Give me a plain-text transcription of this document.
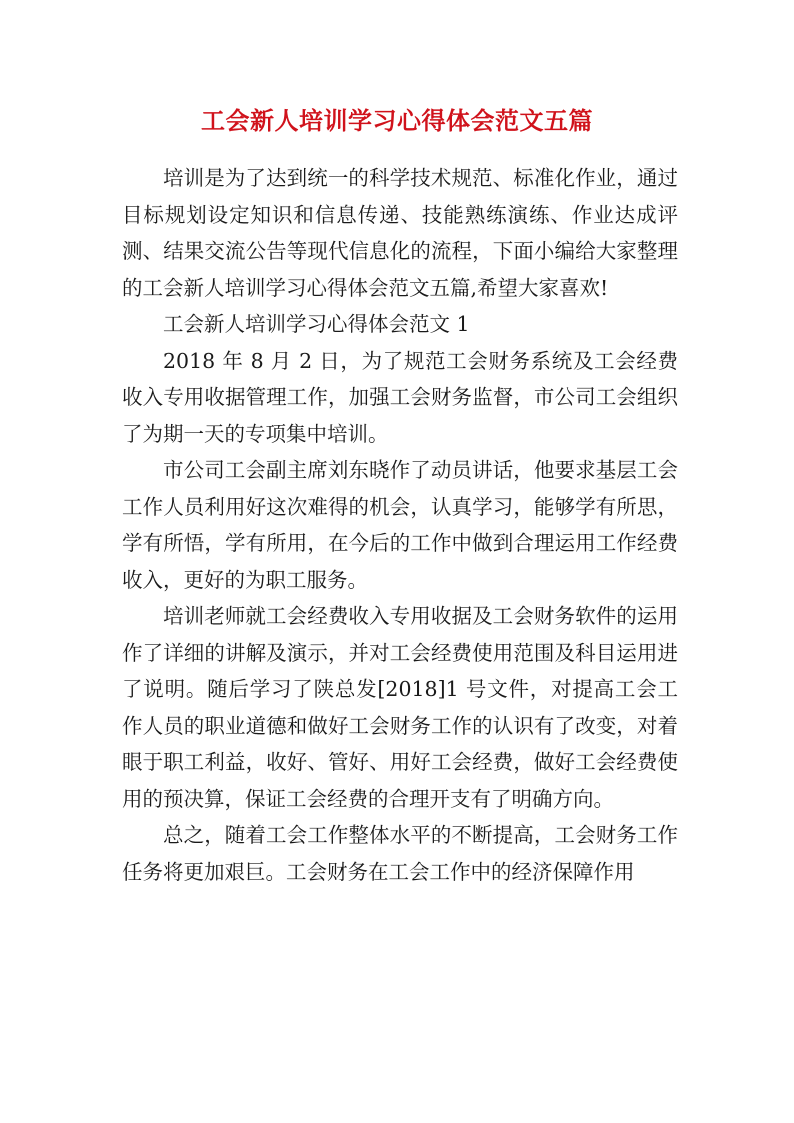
工会新人培训学习心得体会范文五篇

培训是为了达到统一的科学技术规范、标准化作业，通过目标规划设定知识和信息传递、技能熟练演练、作业达成评测、结果交流公告等现代信息化的流程，下面小编给大家整理的工会新人培训学习心得体会范文五篇,希望大家喜欢!

工会新人培训学习心得体会范文 1

2018 年 8 月 2 日，为了规范工会财务系统及工会经费收入专用收据管理工作，加强工会财务监督，市公司工会组织了为期一天的专项集中培训。

市公司工会副主席刘东晓作了动员讲话，他要求基层工会工作人员利用好这次难得的机会，认真学习，能够学有所思，学有所悟，学有所用，在今后的工作中做到合理运用工作经费收入，更好的为职工服务。

培训老师就工会经费收入专用收据及工会财务软件的运用作了详细的讲解及演示，并对工会经费使用范围及科目运用进了说明。随后学习了陕总发[2018]1 号文件，对提高工会工作人员的职业道德和做好工会财务工作的认识有了改变，对着眼于职工利益，收好、管好、用好工会经费，做好工会经费使用的预决算，保证工会经费的合理开支有了明确方向。

总之，随着工会工作整体水平的不断提高，工会财务工作任务将更加艰巨。工会财务在工会工作中的经济保障作用
